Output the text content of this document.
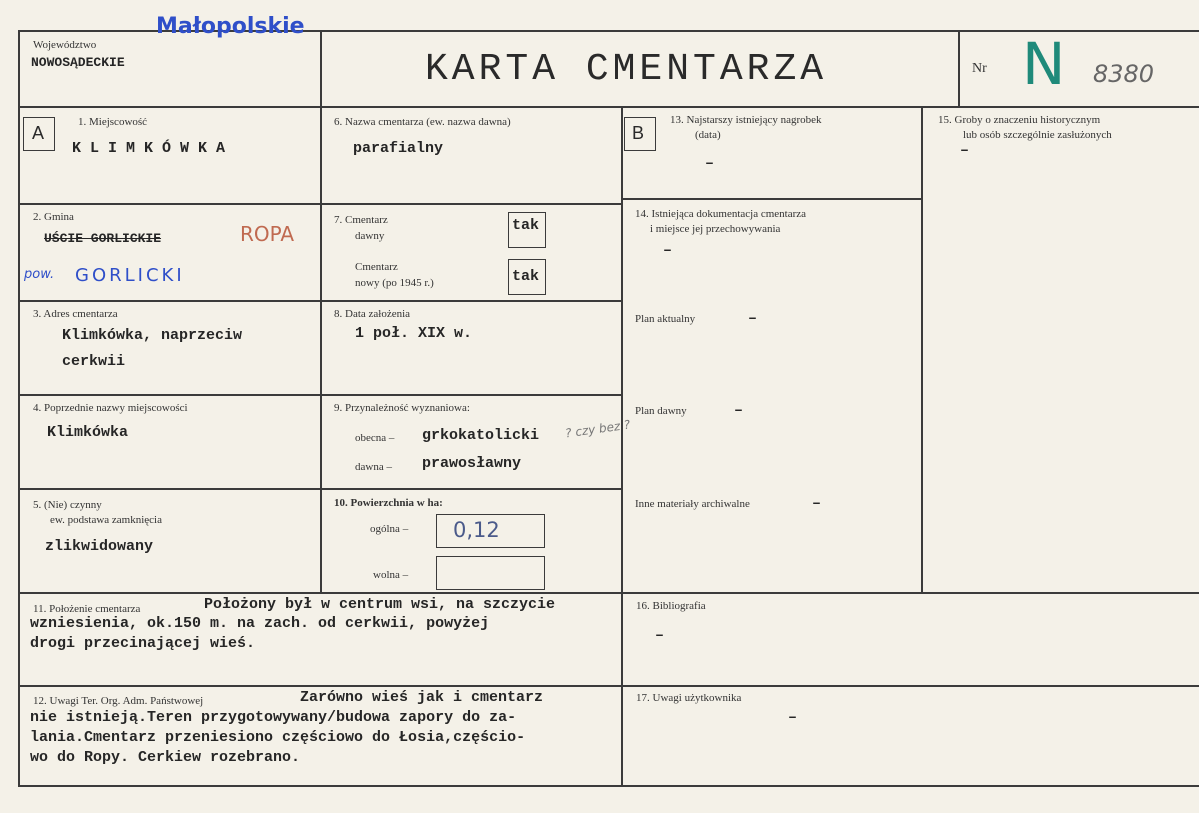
Małopolskie
Województwo
NOWOSĄDECKIE	KARTA CMENTARZA	Nr N 8380
A
1. Miejscowość
KLIMKÓWKA
2. Gmina
UŚCIE GORLICKIE	ROPA
pow. GORLICKI
3. Adres cmentarza
Klimkówka, naprzeciw
cerkwii
4. Poprzednie nazwy miejscowości
Klimkówka
5. (Nie) czynny
ew. podstawa zamknięcia
zlikwidowany
6. Nazwa cmentarza (ew. nazwa dawna)
parafialny
7. Cmentarz
dawny
tak
Cmentarz
nowy (po 1945 r.)	tak
8. Data założenia
1 poł. XIX w.
9. Przynależność wyznaniowa:
obecna – grkokatolicki ? czy bez ?
dawna – prawosławny
10. Powierzchnia w ha:
ogólna – 0,12
wolna –
B
13. Najstarszy istniejący nagrobek
(data)
–
14. Istniejąca dokumentacja cmentarza
i miejsce jej przechowywania
–
Plan aktualny	–
Plan dawny	–
Inne materiały archiwalne	–
15. Groby o znaczeniu historycznym
lub osób szczególnie zasłużonych
–
11. Położenie cmentarza	Położony był w centrum wsi, na szczycie
wzniesienia, ok.150 m. na zach. od cerkwii, powyżej
drogi przecinającej wieś.
16. Bibliografia
–
12. Uwagi Ter. Org. Adm. Państwowej	Zarówno wieś jak i cmentarz
nie istnieją.Teren przygotowywany/budowa zapory do za-
lania.Cmentarz przeniesiono częściowo do Łosia,częścio-
wo do Ropy. Cerkiew rozebrano.
17. Uwagi użytkownika
–
